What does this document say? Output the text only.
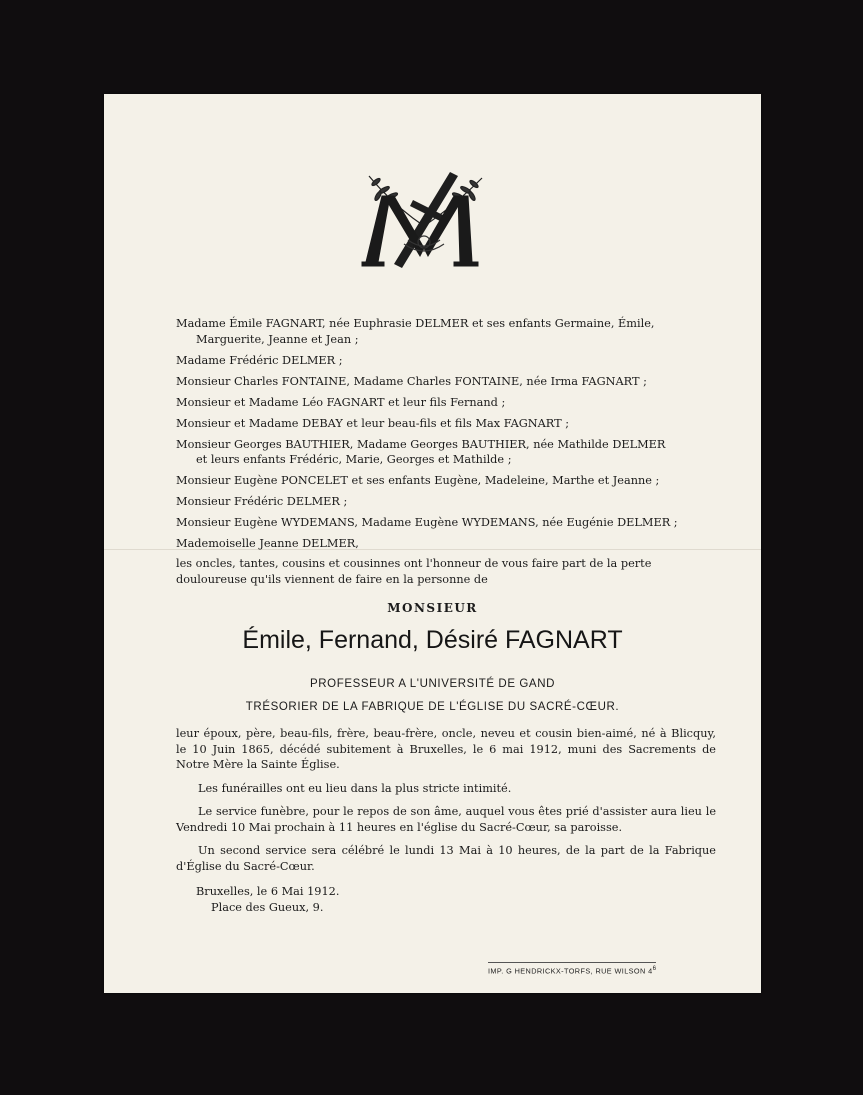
Madame Émile FAGNART, née Euphrasie DELMER et ses enfants Germaine, Émile,
Marguerite, Jeanne et Jean ;

Madame Frédéric DELMER ;

Monsieur Charles FONTAINE, Madame Charles FONTAINE, née Irma FAGNART ;

Monsieur et Madame Léo FAGNART et leur fils Fernand ;

Monsieur et Madame DEBAY et leur beau-fils et fils Max FAGNART ;

Monsieur Georges BAUTHIER, Madame Georges BAUTHIER, née Mathilde DELMER
et leurs enfants Frédéric, Marie, Georges et Mathilde ;

Monsieur Eugène PONCELET et ses enfants Eugène, Madeleine, Marthe et Jeanne ;

Monsieur Frédéric DELMER ;

Monsieur Eugène WYDEMANS, Madame Eugène WYDEMANS, née Eugénie DELMER ;

Mademoiselle Jeanne DELMER,

les oncles, tantes, cousins et cousinnes ont l'honneur de vous faire part de la perte douloureuse qu'ils viennent de faire en la personne de
MONSIEUR
Émile, Fernand, Désiré FAGNART
PROFESSEUR A L'UNIVERSITÉ DE GAND
TRÉSORIER DE LA FABRIQUE DE L'ÉGLISE DU SACRÉ-CŒUR.

leur époux, père, beau-fils, frère, beau-frère, oncle, neveu et cousin bien-aimé, né à Blicquy, le 10 Juin 1865, décédé subitement à Bruxelles, le 6 mai 1912, muni des Sacrements de Notre Mère la Sainte Église.

Les funérailles ont eu lieu dans la plus stricte intimité.

Le service funèbre, pour le repos de son âme, auquel vous êtes prié d'assister aura lieu le Vendredi 10 Mai prochain à 11 heures en l'église du Sacré-Cœur, sa paroisse.

Un second service sera célébré le lundi 13 Mai à 10 heures, de la part de la Fabrique d'Église du Sacré-Cœur.

Bruxelles, le 6 Mai 1912.
Place des Gueux, 9.
IMP. G HENDRICKX-TORFS, RUE WILSON $4^6$
